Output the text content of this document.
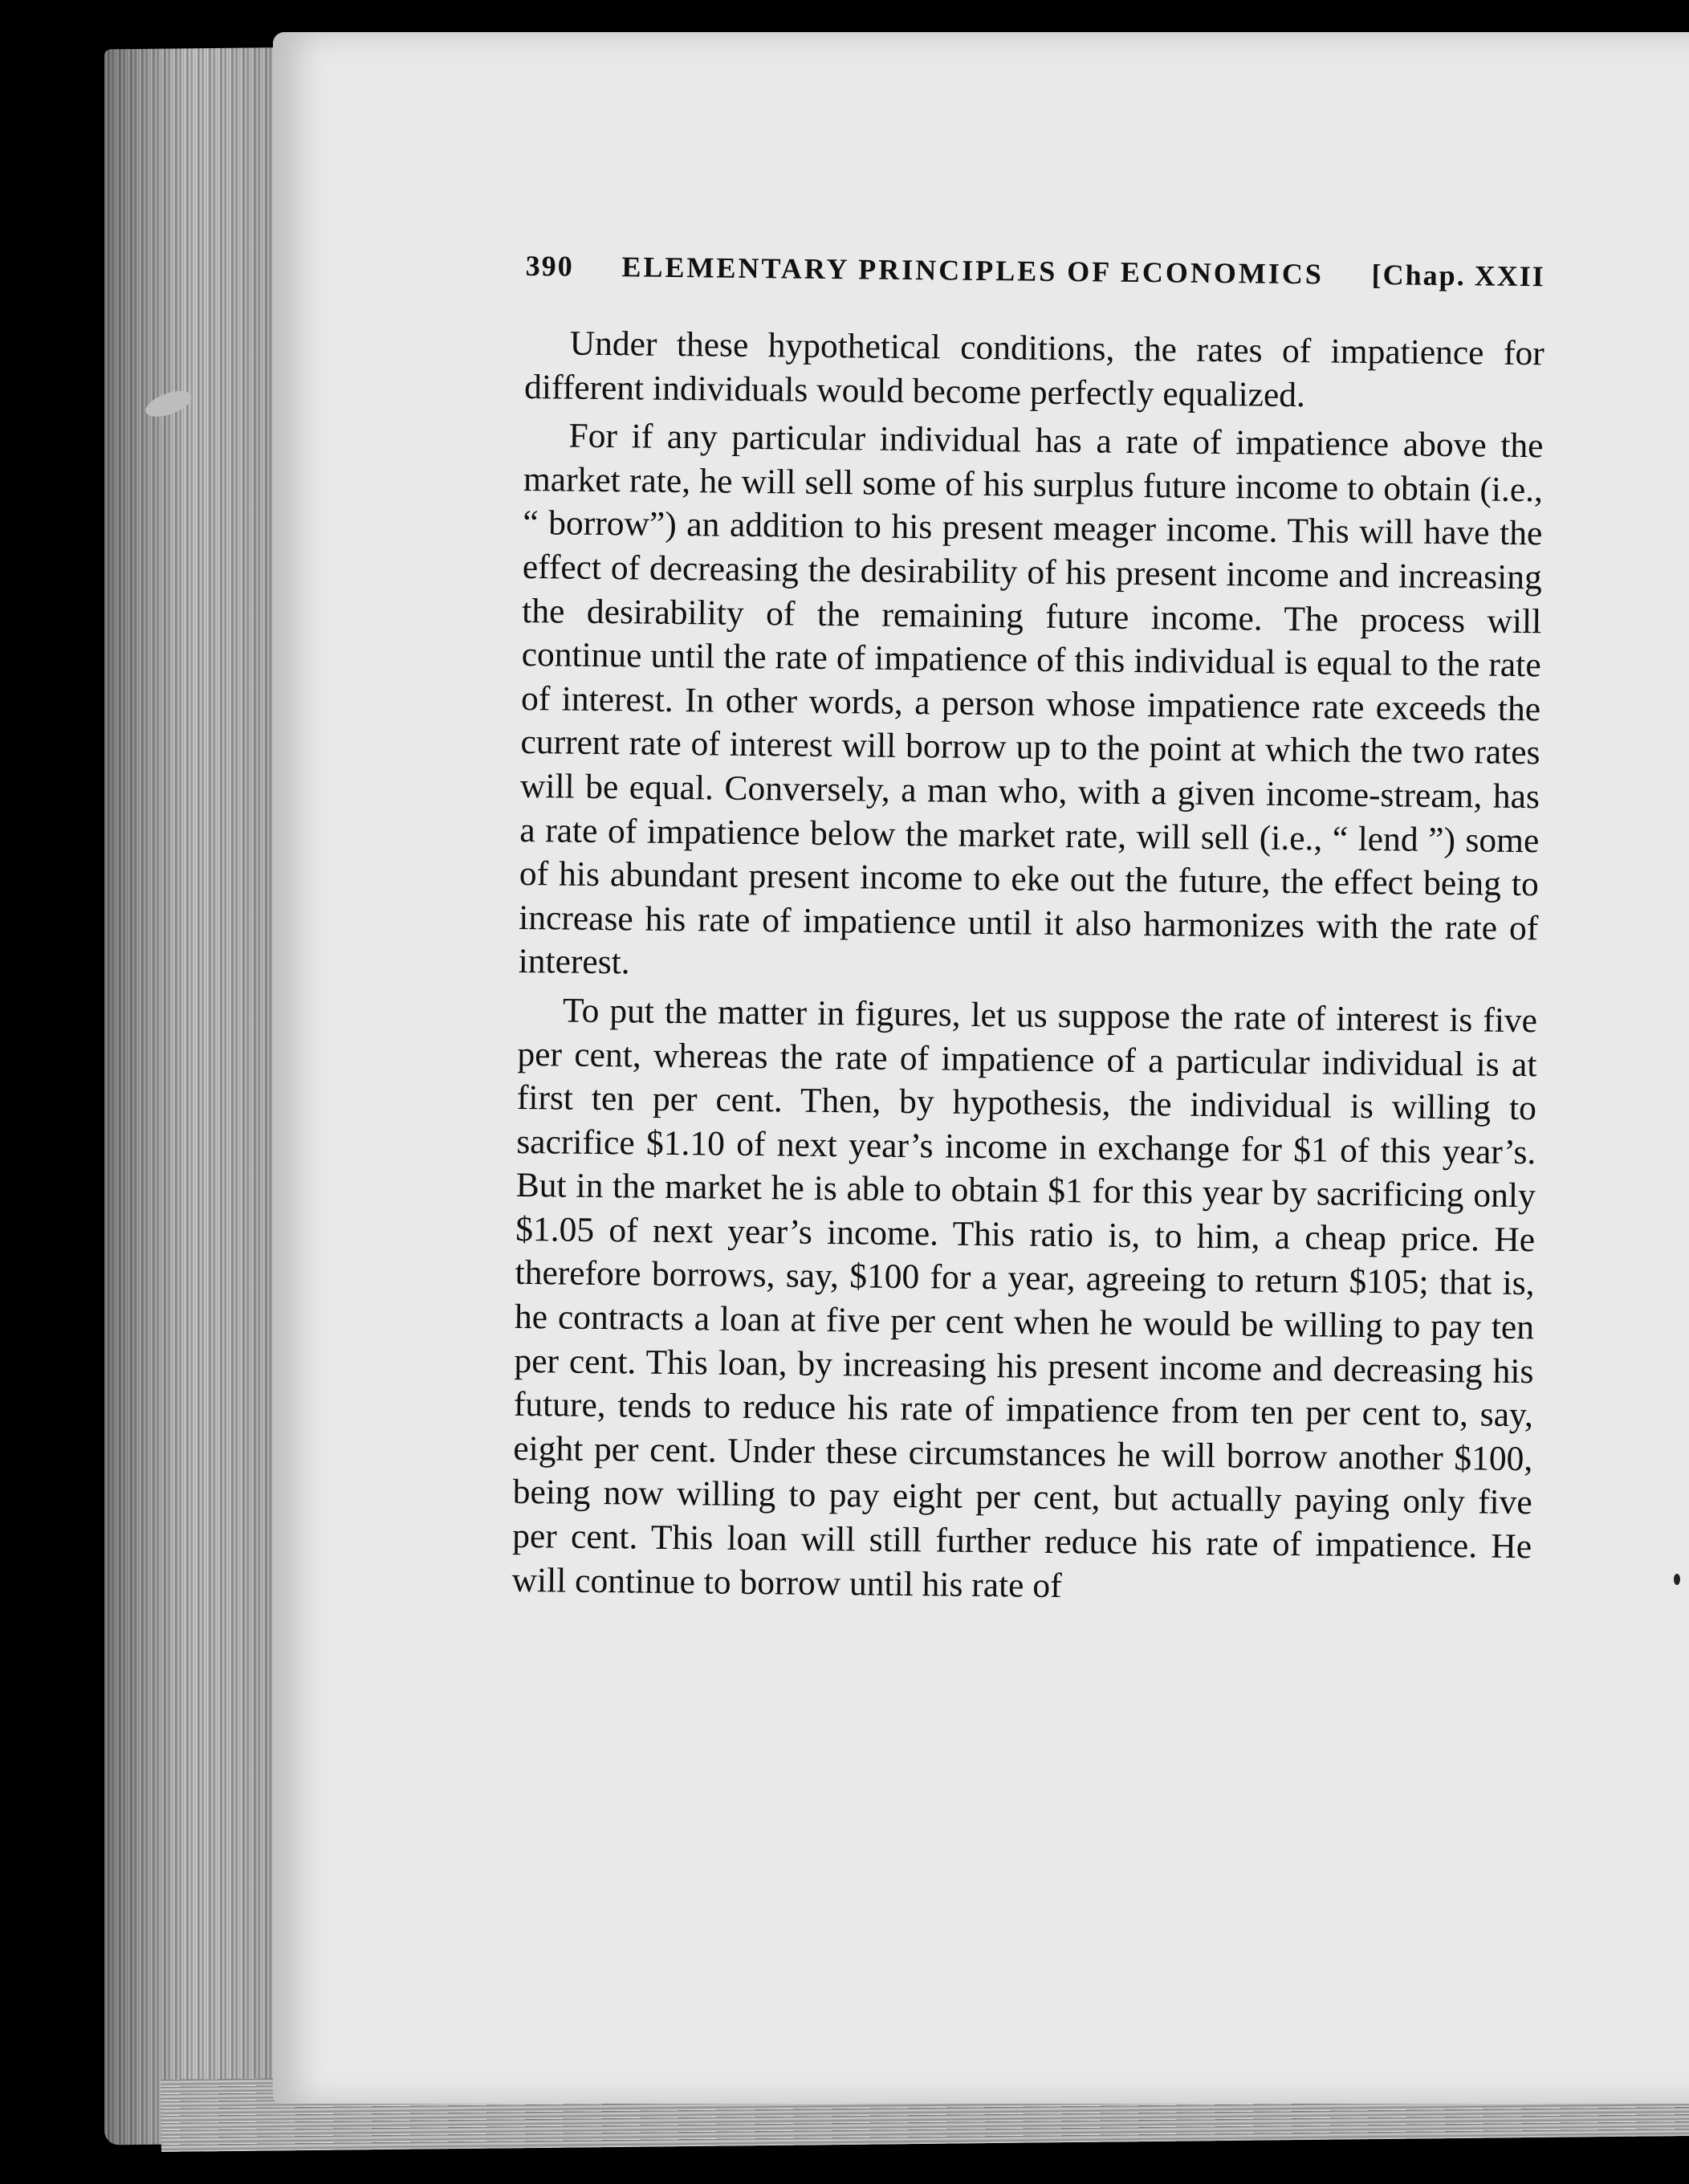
390 ELEMENTARY PRINCIPLES OF ECONOMICS [Chap. XXII

Under these hypothetical conditions, the rates of impatience for different individuals would become perfectly equalized.

For if any particular individual has a rate of impatience above the market rate, he will sell some of his surplus future income to obtain (i.e., “ borrow”) an addition to his present meager income. This will have the effect of decreasing the desirability of his present income and increasing the desirability of the remaining future income. The process will continue until the rate of impatience of this individual is equal to the rate of interest. In other words, a person whose impatience rate exceeds the current rate of interest will borrow up to the point at which the two rates will be equal. Conversely, a man who, with a given income-stream, has a rate of impatience below the market rate, will sell (i.e., “ lend ”) some of his abundant present income to eke out the future, the effect being to increase his rate of impatience until it also harmonizes with the rate of interest.

To put the matter in figures, let us suppose the rate of interest is five per cent, whereas the rate of impatience of a particular individual is at first ten per cent. Then, by hypothesis, the individual is willing to sacrifice $1.10 of next year’s income in exchange for $1 of this year’s. But in the market he is able to obtain $1 for this year by sacrificing only $1.05 of next year’s income. This ratio is, to him, a cheap price. He therefore borrows, say, $100 for a year, agreeing to return $105; that is, he contracts a loan at five per cent when he would be willing to pay ten per cent. This loan, by increasing his present income and decreasing his future, tends to reduce his rate of impatience from ten per cent to, say, eight per cent. Under these circumstances he will borrow another $100, being now willing to pay eight per cent, but actually paying only five per cent. This loan will still further reduce his rate of impatience. He will continue to borrow until his rate of
